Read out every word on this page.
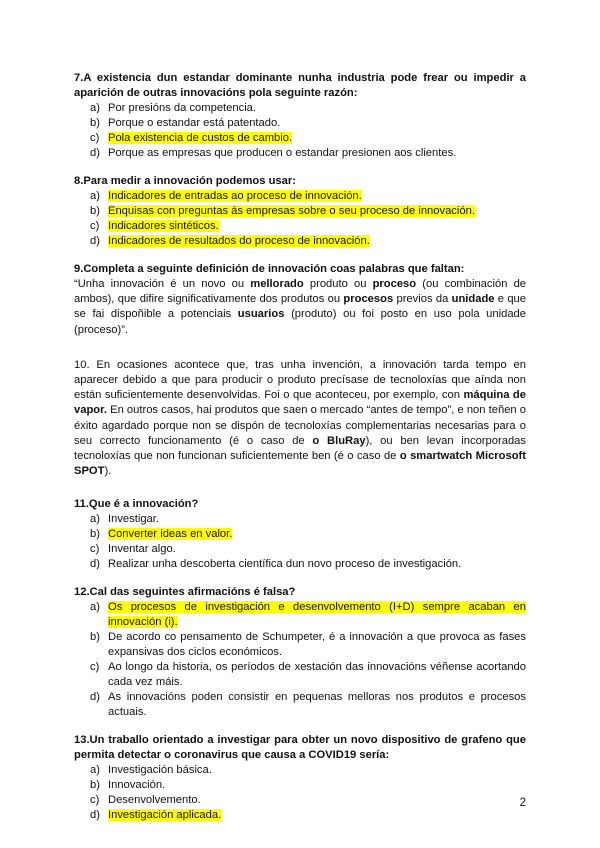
7.A existencia dun estandar dominante nunha industria pode frear ou impedir a aparición de outras innovacións pola seguinte razón:
a) Por presións da competencia.
b) Porque o estandar está patentado.
c) Pola existencia de custos de cambio.
d) Porque as empresas que producen o estandar presionen aos clientes.
8.Para medir a innovación podemos usar:
a) Indicadores de entradas ao proceso de innovación.
b) Enquisas con preguntas ás empresas sobre o seu proceso de innovación.
c) Indicadores sintéticos.
d) Indicadores de resultados do proceso de innovación.
9.Completa a seguinte definición de innovación coas palabras que faltan:

“Unha innovación é un novo ou mellorado produto ou proceso (ou combinación de ambos), que difire significativamente dos produtos ou procesos previos da unidade e que se fai dispoñible a potenciais usuarios (produto) ou foi posto en uso pola unidade (proceso)”.

10. En ocasiones acontece que, tras unha invención, a innovación tarda tempo en aparecer debido a que para producir o produto precísase de tecnoloxías que aínda non están suficientemente desenvolvidas. Foi o que aconteceu, por exemplo, con máquina de vapor. En outros casos, hai produtos que saen o mercado “antes de tempo”, e non teñen o éxito agardado porque non se dispón de tecnoloxías complementarias necesarias para o seu correcto funcionamento (é o caso de o BluRay), ou ben levan incorporadas tecnoloxías que non funcionan suficientemente ben (é o caso de o smartwatch Microsoft SPOT).

11.Que é a innovación?
a) Investigar.
b) Converter ideas en valor.
c) Inventar algo.
d) Realizar unha descoberta científica dun novo proceso de investigación.
12.Cal das seguintes afirmacións é falsa?
a) Os procesos de investigación e desenvolvemento (I+D) sempre acaban en innovación (i).
b) De acordo co pensamento de Schumpeter, é a innovación a que provoca as fases expansivas dos ciclos económicos.
c) Ao longo da historia, os períodos de xestación das innovacións véñense acortando cada vez máis.
d) As innovacións poden consistir en pequenas melloras nos produtos e procesos actuais.
13.Un traballo orientado a investigar para obter un novo dispositivo de grafeno que permita detectar o coronavirus que causa a COVID19 sería:
a) Investigación básica.
b) Innovación.
c) Desenvolvemento.
d) Investigación aplicada.
2
